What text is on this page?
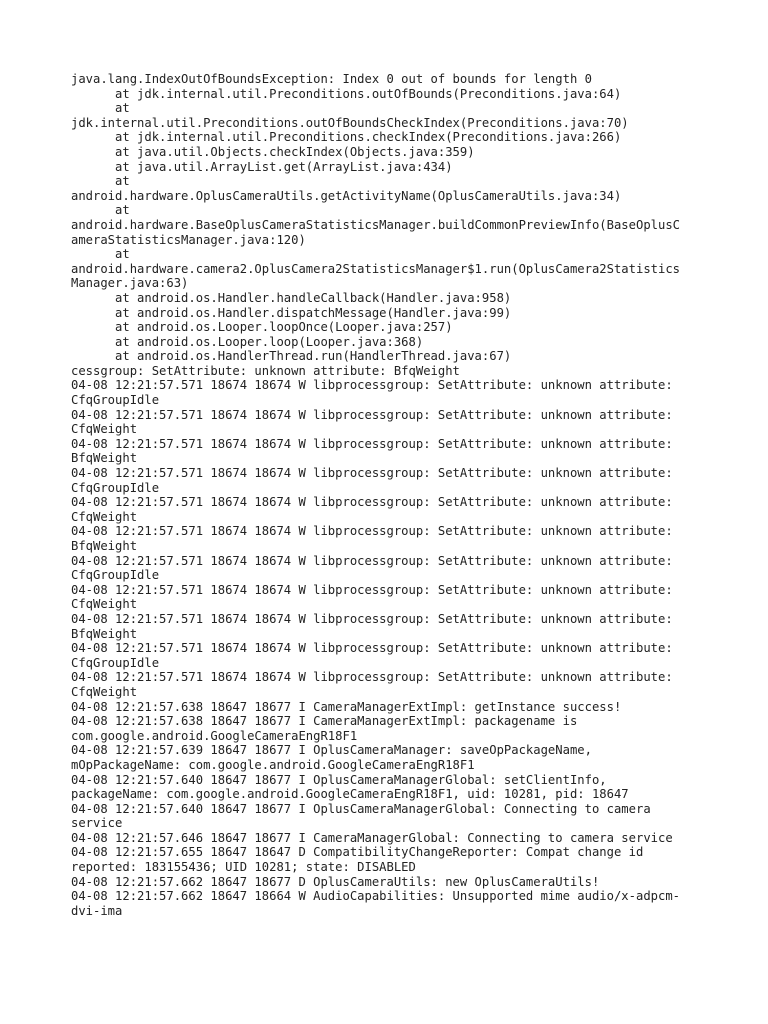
java.lang.IndexOutOfBoundsException: Index 0 out of bounds for length 0
at jdk.internal.util.Preconditions.outOfBounds(Preconditions.java:64)
at
jdk.internal.util.Preconditions.outOfBoundsCheckIndex(Preconditions.java:70)
at jdk.internal.util.Preconditions.checkIndex(Preconditions.java:266)
at java.util.Objects.checkIndex(Objects.java:359)
at java.util.ArrayList.get(ArrayList.java:434)
at
android.hardware.OplusCameraUtils.getActivityName(OplusCameraUtils.java:34)
at
android.hardware.BaseOplusCameraStatisticsManager.buildCommonPreviewInfo(BaseOplusC
ameraStatisticsManager.java:120)
at
android.hardware.camera2.OplusCamera2StatisticsManager$1.run(OplusCamera2Statistics
Manager.java:63)
at android.os.Handler.handleCallback(Handler.java:958)
at android.os.Handler.dispatchMessage(Handler.java:99)
at android.os.Looper.loopOnce(Looper.java:257)
at android.os.Looper.loop(Looper.java:368)
at android.os.HandlerThread.run(HandlerThread.java:67)
cessgroup: SetAttribute: unknown attribute: BfqWeight
04-08 12:21:57.571 18674 18674 W libprocessgroup: SetAttribute: unknown attribute:
CfqGroupIdle
04-08 12:21:57.571 18674 18674 W libprocessgroup: SetAttribute: unknown attribute:
CfqWeight
04-08 12:21:57.571 18674 18674 W libprocessgroup: SetAttribute: unknown attribute:
BfqWeight
04-08 12:21:57.571 18674 18674 W libprocessgroup: SetAttribute: unknown attribute:
CfqGroupIdle
04-08 12:21:57.571 18674 18674 W libprocessgroup: SetAttribute: unknown attribute:
CfqWeight
04-08 12:21:57.571 18674 18674 W libprocessgroup: SetAttribute: unknown attribute:
BfqWeight
04-08 12:21:57.571 18674 18674 W libprocessgroup: SetAttribute: unknown attribute:
CfqGroupIdle
04-08 12:21:57.571 18674 18674 W libprocessgroup: SetAttribute: unknown attribute:
CfqWeight
04-08 12:21:57.571 18674 18674 W libprocessgroup: SetAttribute: unknown attribute:
BfqWeight
04-08 12:21:57.571 18674 18674 W libprocessgroup: SetAttribute: unknown attribute:
CfqGroupIdle
04-08 12:21:57.571 18674 18674 W libprocessgroup: SetAttribute: unknown attribute:
CfqWeight
04-08 12:21:57.638 18647 18677 I CameraManagerExtImpl: getInstance success!
04-08 12:21:57.638 18647 18677 I CameraManagerExtImpl: packagename is
com.google.android.GoogleCameraEngR18F1
04-08 12:21:57.639 18647 18677 I OplusCameraManager: saveOpPackageName,
mOpPackageName: com.google.android.GoogleCameraEngR18F1
04-08 12:21:57.640 18647 18677 I OplusCameraManagerGlobal: setClientInfo,
packageName: com.google.android.GoogleCameraEngR18F1, uid: 10281, pid: 18647
04-08 12:21:57.640 18647 18677 I OplusCameraManagerGlobal: Connecting to camera
service
04-08 12:21:57.646 18647 18677 I CameraManagerGlobal: Connecting to camera service
04-08 12:21:57.655 18647 18647 D CompatibilityChangeReporter: Compat change id
reported: 183155436; UID 10281; state: DISABLED
04-08 12:21:57.662 18647 18677 D OplusCameraUtils: new OplusCameraUtils!
04-08 12:21:57.662 18647 18664 W AudioCapabilities: Unsupported mime audio/x-adpcm-
dvi-ima
